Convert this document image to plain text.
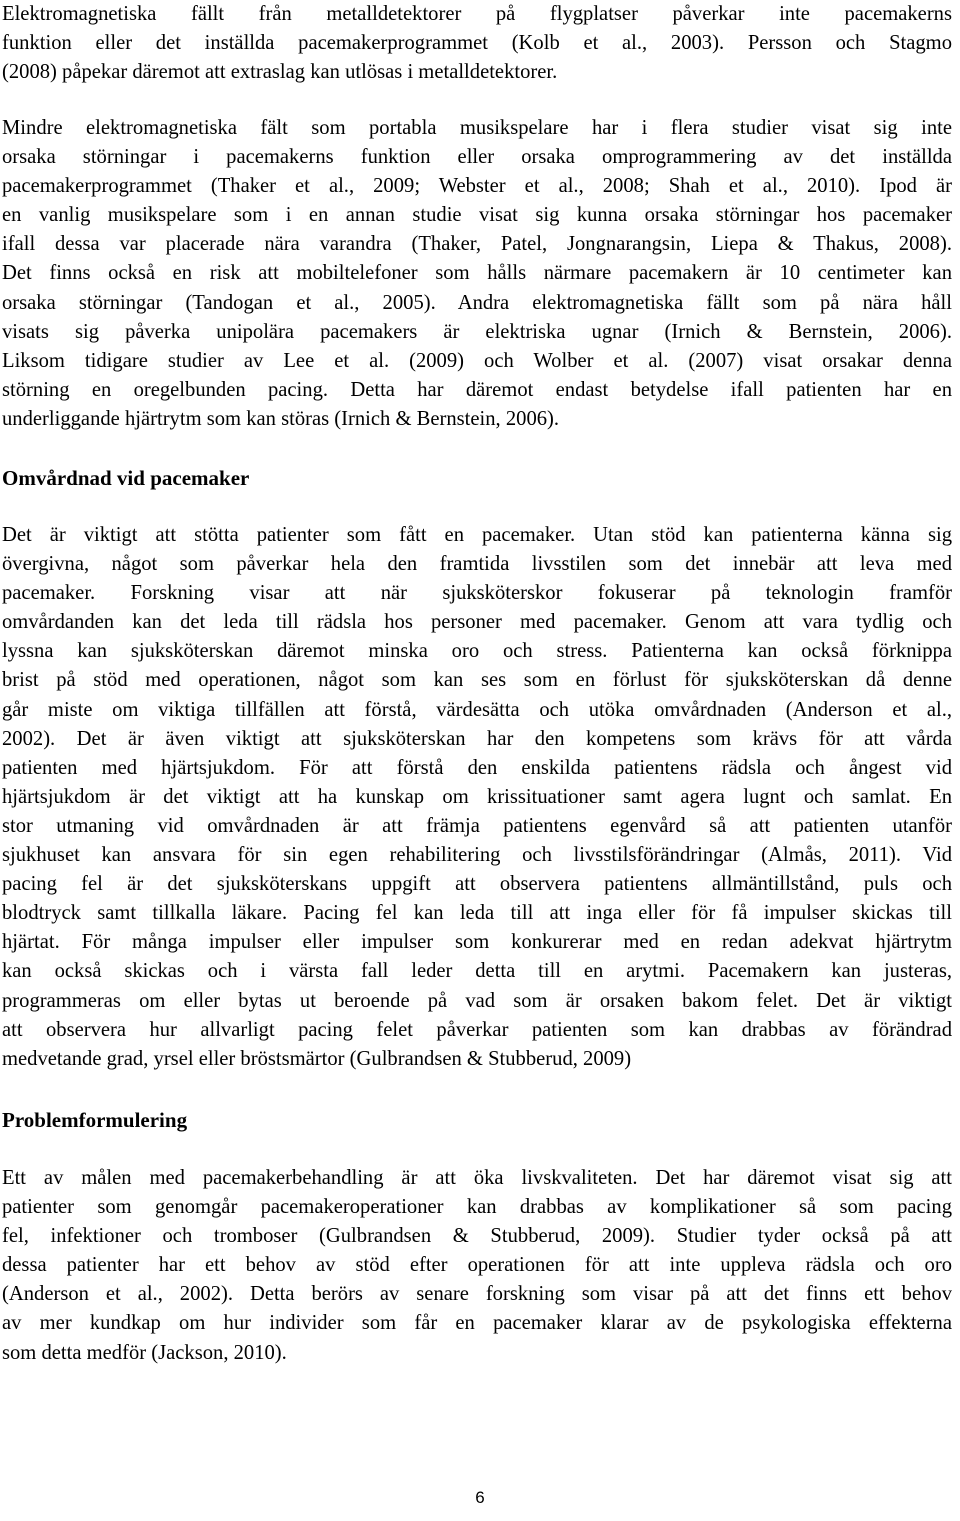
Elektromagnetiska fällt från metalldetektorer på flygplatser påverkar inte pacemakerns
funktion eller det inställda pacemakerprogrammet (Kolb et al., 2003). Persson och Stagmo
(2008) påpekar däremot att extraslag kan utlösas i metalldetektorer.
Mindre elektromagnetiska fält som portabla musikspelare har i flera studier visat sig inte
orsaka störningar i pacemakerns funktion eller orsaka omprogrammering av det inställda
pacemakerprogrammet (Thaker et al., 2009; Webster et al., 2008; Shah et al., 2010). Ipod är
en vanlig musikspelare som i en annan studie visat sig kunna orsaka störningar hos pacemaker
ifall dessa var placerade nära varandra (Thaker, Patel, Jongnarangsin, Liepa & Thakus, 2008).
Det finns också en risk att mobiltelefoner som hålls närmare pacemakern är 10 centimeter kan
orsaka störningar (Tandogan et al., 2005). Andra elektromagnetiska fällt som på nära håll
visats sig påverka unipolära pacemakers är elektriska ugnar (Irnich & Bernstein, 2006).
Liksom tidigare studier av Lee et al. (2009) och Wolber et al. (2007) visat orsakar denna
störning en oregelbunden pacing. Detta har däremot endast betydelse ifall patienten har en
underliggande hjärtrytm som kan störas (Irnich & Bernstein, 2006).
Omvårdnad vid pacemaker
Det är viktigt att stötta patienter som fått en pacemaker. Utan stöd kan patienterna känna sig
övergivna, något som påverkar hela den framtida livsstilen som det innebär att leva med
pacemaker. Forskning visar att när sjuksköterskor fokuserar på teknologin framför
omvårdanden kan det leda till rädsla hos personer med pacemaker. Genom att vara tydlig och
lyssna kan sjuksköterskan däremot minska oro och stress. Patienterna kan också förknippa
brist på stöd med operationen, något som kan ses som en förlust för sjuksköterskan då denne
går miste om viktiga tillfällen att förstå, värdesätta och utöka omvårdnaden (Anderson et al.,
2002). Det är även viktigt att sjuksköterskan har den kompetens som krävs för att vårda
patienten med hjärtsjukdom. För att förstå den enskilda patientens rädsla och ångest vid
hjärtsjukdom är det viktigt att ha kunskap om krissituationer samt agera lugnt och samlat. En
stor utmaning vid omvårdnaden är att främja patientens egenvård så att patienten utanför
sjukhuset kan ansvara för sin egen rehabilitering och livsstilsförändringar (Almås, 2011). Vid
pacing fel är det sjuksköterskans uppgift att observera patientens allmäntillstånd, puls och
blodtryck samt tillkalla läkare. Pacing fel kan leda till att inga eller för få impulser skickas till
hjärtat. För många impulser eller impulser som konkurerar med en redan adekvat hjärtrytm
kan också skickas och i värsta fall leder detta till en arytmi. Pacemakern kan justeras,
programmeras om eller bytas ut beroende på vad som är orsaken bakom felet. Det är viktigt
att observera hur allvarligt pacing felet påverkar patienten som kan drabbas av förändrad
medvetande grad, yrsel eller bröstsmärtor (Gulbrandsen & Stubberud, 2009)
Problemformulering
Ett av målen med pacemakerbehandling är att öka livskvaliteten. Det har däremot visat sig att
patienter som genomgår pacemakeroperationer kan drabbas av komplikationer så som pacing
fel, infektioner och tromboser (Gulbrandsen & Stubberud, 2009). Studier tyder också på att
dessa patienter har ett behov av stöd efter operationen för att inte uppleva rädsla och oro
(Anderson et al., 2002). Detta berörs av senare forskning som visar på att det finns ett behov
av mer kundkap om hur individer som får en pacemaker klarar av de psykologiska effekterna
som detta medför (Jackson, 2010).
6
